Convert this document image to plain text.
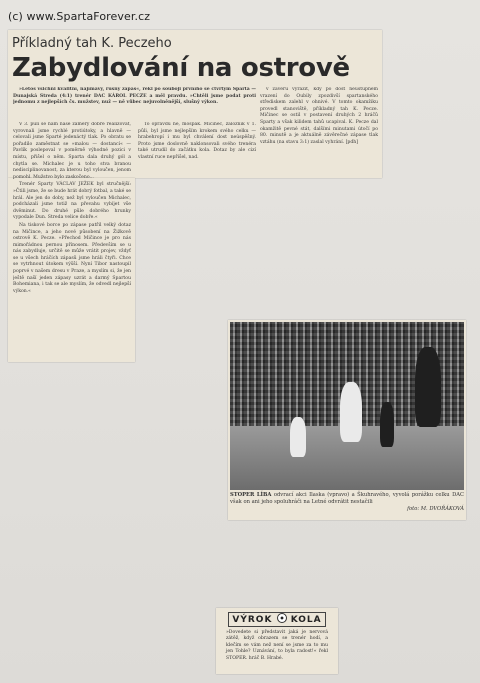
(c) www.SpartaForever.cz
Příkladný tah K. Peczeho
Zabydlování na ostrově

»Letos všichni kvalitní, najímavý, rušný zápas«, řekl po souboji prvního se čtvrtým Sparta — Dunajská Streda (4:1) trenér DAC KÁROL PECZE a měl pravdu. »Chtěli jsme podat proti jednomu z nejlepších čs. mužstev, nuž — ně vůbec nejuvolněnější, slušný výkon.

V 3. půli se nám naše záměry dobře realizovat, vyrovnali jsme rychlé protiútoky, a hlavně — celovali jsme Sparté jedenáctý tlak. Po obratu se pořadilo zaměstnat se »malou — dostancí« — Pavlík poslepoval v poměrně výhodné pozici v místu, přišel o něm. Sparta dala druhý gól a chytla se. Michalec je u toho stva branou nedisciplinovanost, za kterou byl vyloučen, jenom pomohl. Mužstvo bylo zaskočeno...

Trenér Sparty VÁCLAV JEŽEK byl stručnější: »Čtili jsme, že se bude hrát dobrý fotbal, a také se hrál. Ale jen do doby, než byl vyloučen Michalec, podcházali jsme totiž na převahu vybíjet vše dvěminut. Do druhé půle dobrého hrunky vypodale Dun. Streda velice dobře.«

Na tiskové borce po zápase patřil velký dotaz na Mičince, a jeho nové působení na Žižkově ostrově K. Pecze. »Přechod Mičince je pro nás mimořádnou pernou přínosem. Především se u nás zabydluje, určitě se může vrátit projev, vždyť se u všech hráčích zápasů jsme hráli čtyři. Chce se vytrhnout útokem výšší. Nyní Tibor nastoupil poprvé v našem dresu v Praze, a myslím si, že jen ještě naší jeden zápasy uzrát a darmý Spartou Bohemiana, i tak se ale myslím, že odvedl nejlepší výkon.«

To opravdu ne, mospak. Mičinec, záložník v 1. půli, byl jsme nejlepším krokem svého celku — hrabehropí i mu byl chválení dost neúspěšný. Proto jsme doslovně naklonsovali svého trenéra také utrudil do začátku kola. Dotaz by ale cizí vlastní ruce nepřišel, nad.

v závěru vyrazit, kdy po dost neustupném vrazení do Oubily zpozdivší spartanského střediskem zalehl v ohnivé. V tomto okamžiku provedl stanoviště, příkladný tah K. Pecze. Mičinec se ostil v postavení druhých 2 hráčů Sparty a však kilidem tahů ucapival. K. Pecze dal okamžitě pevné stát, dalšími minutami útočí po 80. minutě a je aktuálně závěrečné zápase tlak vztáhu (na stavu 3:1) zaslal vyhrání. [pdh]

STOPER LÍBA odvrací akci Ilaska (vpravo) a Škuhravého, vyvolá porážku celku DAC však on ani jeho spoluhráči na Letné odvrátit nestačili
foto: M. DVOŘÁKOVÁ
VÝROK KOLA
»Dovedete si představit jaká je nervová zátěž, když obrazem se trenér hodí, a klečím se vám než není se jsme za to mu jen Tohle? Uznávání, to byla radost!« řekl STOPER. hráč B. Hrabé.
